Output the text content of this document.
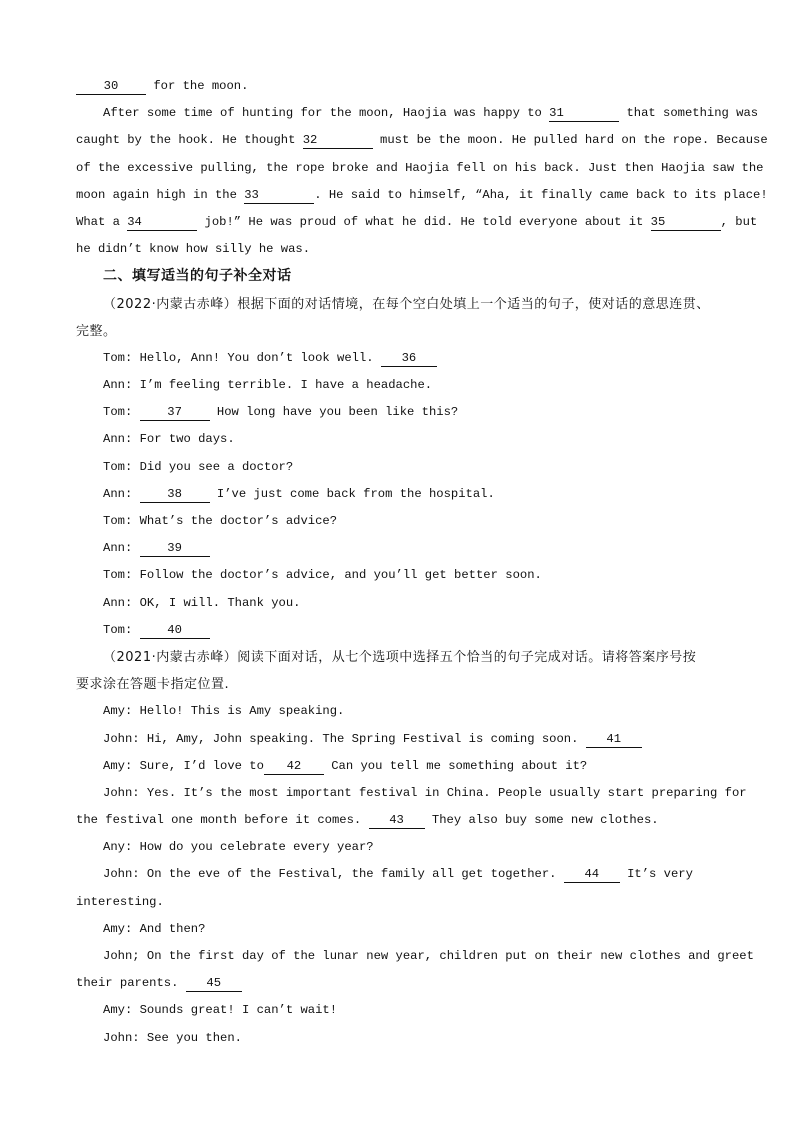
30 for the moon.
After some time of hunting for the moon, Haojia was happy to 31	that something was
caught by the hook. He thought 32	must be the moon. He pulled hard on the rope. Because
of the excessive pulling, the rope broke and Haojia fell on his back. Just then Haojia saw the
moon again high in the 33	. He said to himself, “Aha, it finally came back to its place!
What a 34	job!” He was proud of what he did. He told everyone about it 35	, but
he didn’t know how silly he was.
二、填写适当的句子补全对话
（2022·内蒙古赤峰）根据下面的对话情境，在每个空白处填上一个适当的句子，使对话的意思连贯、
完整。
Tom: Hello, Ann! You don’t look well. 36
Ann: I’m feeling terrible. I have a headache.
Tom: 37 How long have you been like this?
Ann: For two days.
Tom: Did you see a doctor?
Ann: 38 I’ve just come back from the hospital.
Tom: What’s the doctor’s advice?
Ann: 39
Tom: Follow the doctor’s advice, and you’ll get better soon.
Ann: OK, I will. Thank you.
Tom: 40
（2021·内蒙古赤峰）阅读下面对话，从七个选项中选择五个恰当的句子完成对话。请将答案序号按
要求涂在答题卡指定位置.
Amy: Hello! This is Amy speaking.
John: Hi, Amy, John speaking. The Spring Festival is coming soon. 41
Amy: Sure, I’d love to 42 Can you tell me something about it?
John: Yes. It’s the most important festival in China. People usually start preparing for
the festival one month before it comes. 43 They also buy some new clothes.
Any: How do you celebrate every year?
John: On the eve of the Festival, the family all get together. 44 It’s very
interesting.
Amy: And then?
John; On the first day of the lunar new year, children put on their new clothes and greet
their parents. 45
Amy: Sounds great! I can’t wait!
John: See you then.
